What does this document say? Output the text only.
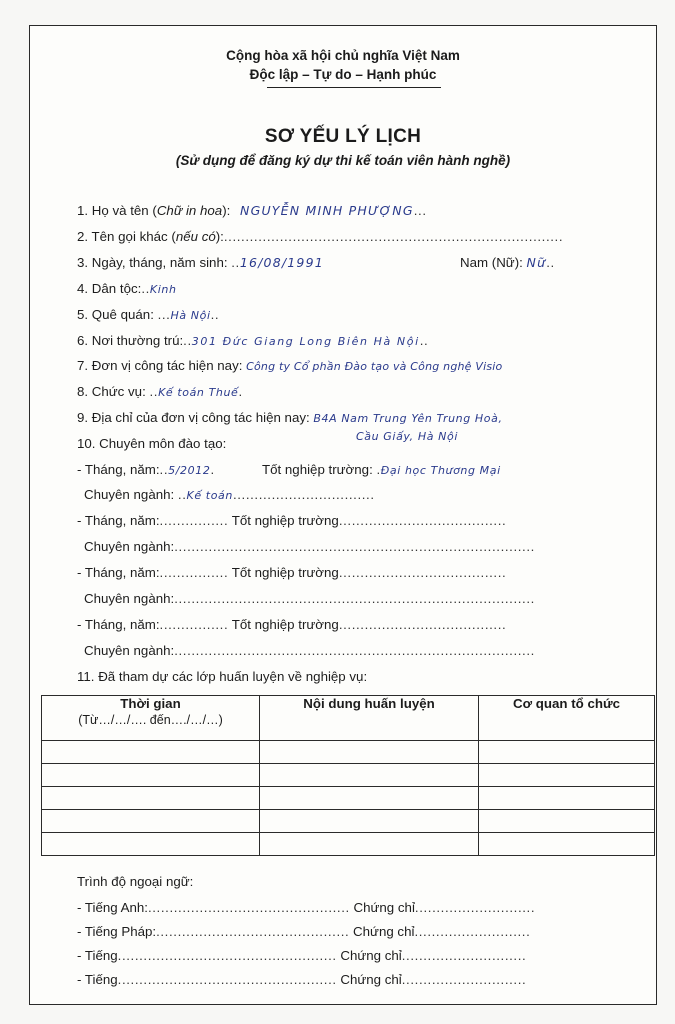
Cộng hòa xã hội chủ nghĩa Việt Nam
Độc lập – Tự do – Hạnh phúc
SƠ YẾU LÝ LỊCH
(Sử dụng để đăng ký dự thi kế toán viên hành nghề)
1. Họ và tên (Chữ in hoa): NGUYỄN MINH PHƯỢNG...
2. Tên gọi khác (nếu có):...............................................................................
3. Ngày, tháng, năm sinh: ..16/08/1991	Nam (Nữ): Nữ..
4. Dân tộc:..Kinh
5. Quê quán: ...Hà Nội..
6. Nơi thường trú:..301 Đức Giang Long Biên Hà Nội..
7. Đơn vị công tác hiện nay: Công ty Cổ phần Đào tạo và Công nghệ Visio
8. Chức vụ: ..Kế toán Thuế.
9. Địa chỉ của đơn vị công tác hiện nay: B4A Nam Trung Yên Trung Hoà,
Cầu Giấy, Hà Nội
10. Chuyên môn đào tạo:
- Tháng, năm:..5/2012.	Tốt nghiệp trường: .Đại học Thương Mại
Chuyên ngành: ..Kế toán.................................
- Tháng, năm:................ Tốt nghiệp trường.......................................
Chuyên ngành:....................................................................................
- Tháng, năm:................ Tốt nghiệp trường.......................................
Chuyên ngành:....................................................................................
- Tháng, năm:................ Tốt nghiệp trường.......................................
Chuyên ngành:....................................................................................
11. Đã tham dự các lớp huấn luyện về nghiệp vụ:
Thời gian
(Từ…/…/…. đến…./…/…)	Nội dung huấn luyện	Cơ quan tổ chức

Trình độ ngoại ngữ:
- Tiếng Anh:............................................... Chứng chỉ............................
- Tiếng Pháp:............................................. Chứng chỉ...........................
- Tiếng................................................... Chứng chỉ.............................
- Tiếng................................................... Chứng chỉ.............................
